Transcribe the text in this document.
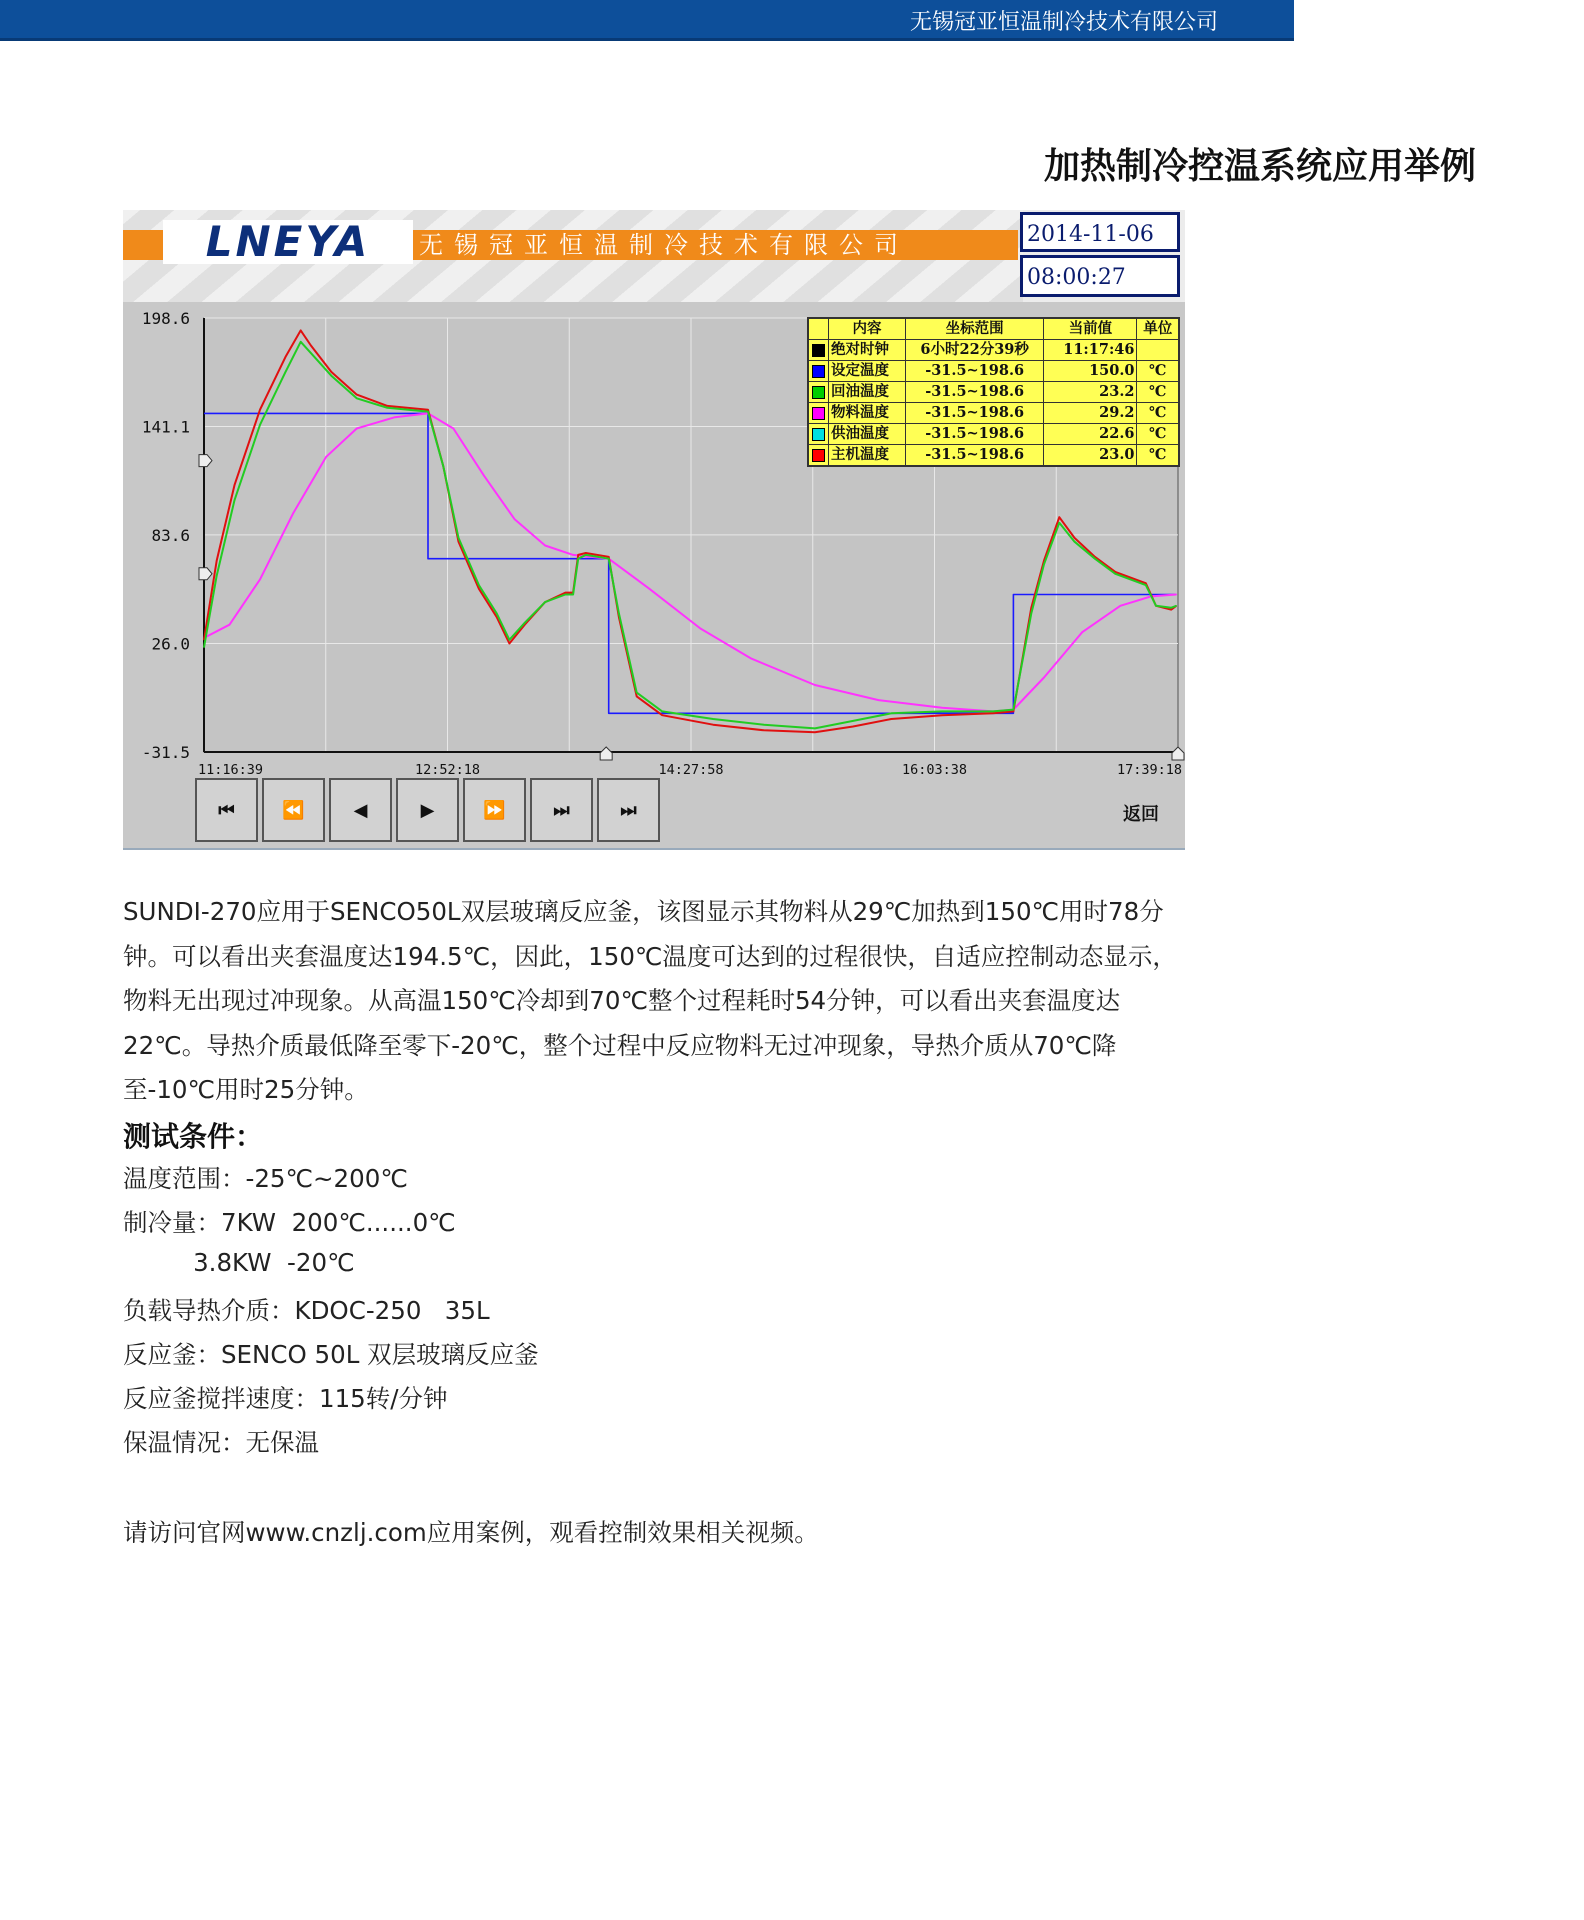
无锡冠亚恒温制冷技术有限公司
加热制冷控温系统应用举例
LNEYA	无锡冠亚恒温制冷技术有限公司	2014-11-06
08:00:27
198.6
141.1
83.6
26.0
-31.5
11:16:39	12:52:18	14:27:58	16:03:38	17:39:18
	内容	坐标范围	当前值	单位
	绝对时钟	6小时22分39秒	11:17:46	
	设定温度	-31.5~198.6	150.0	℃
	回油温度	-31.5~198.6	23.2	℃
	物料温度	-31.5~198.6	29.2	℃
	供油温度	-31.5~198.6	22.6	℃
	主机温度	-31.5~198.6	23.0	℃
⏮	⏪	◀	▶	⏩	⏭	⏭	返回
SUNDI-270应用于SENCO50L双层玻璃反应釜，该图显示其物料从29℃加热到150℃用时78分钟。可以看出夹套温度达194.5℃，因此，150℃温度可达到的过程很快，自适应控制动态显示，物料无出现过冲现象。从高温150℃冷却到70℃整个过程耗时54分钟，可以看出夹套温度达22℃。导热介质最低降至零下-20℃，整个过程中反应物料无过冲现象，导热介质从70℃降至-10℃用时25分钟。
测试条件：
温度范围：-25℃~200℃
制冷量：7KW  200℃......0℃
3.8KW  -20℃
负载导热介质：KDOC-250   35L
反应釜：SENCO 50L 双层玻璃反应釜
反应釜搅拌速度：115转/分钟
保温情况：无保温
请访问官网www.cnzlj.com应用案例，观看控制效果相关视频。
